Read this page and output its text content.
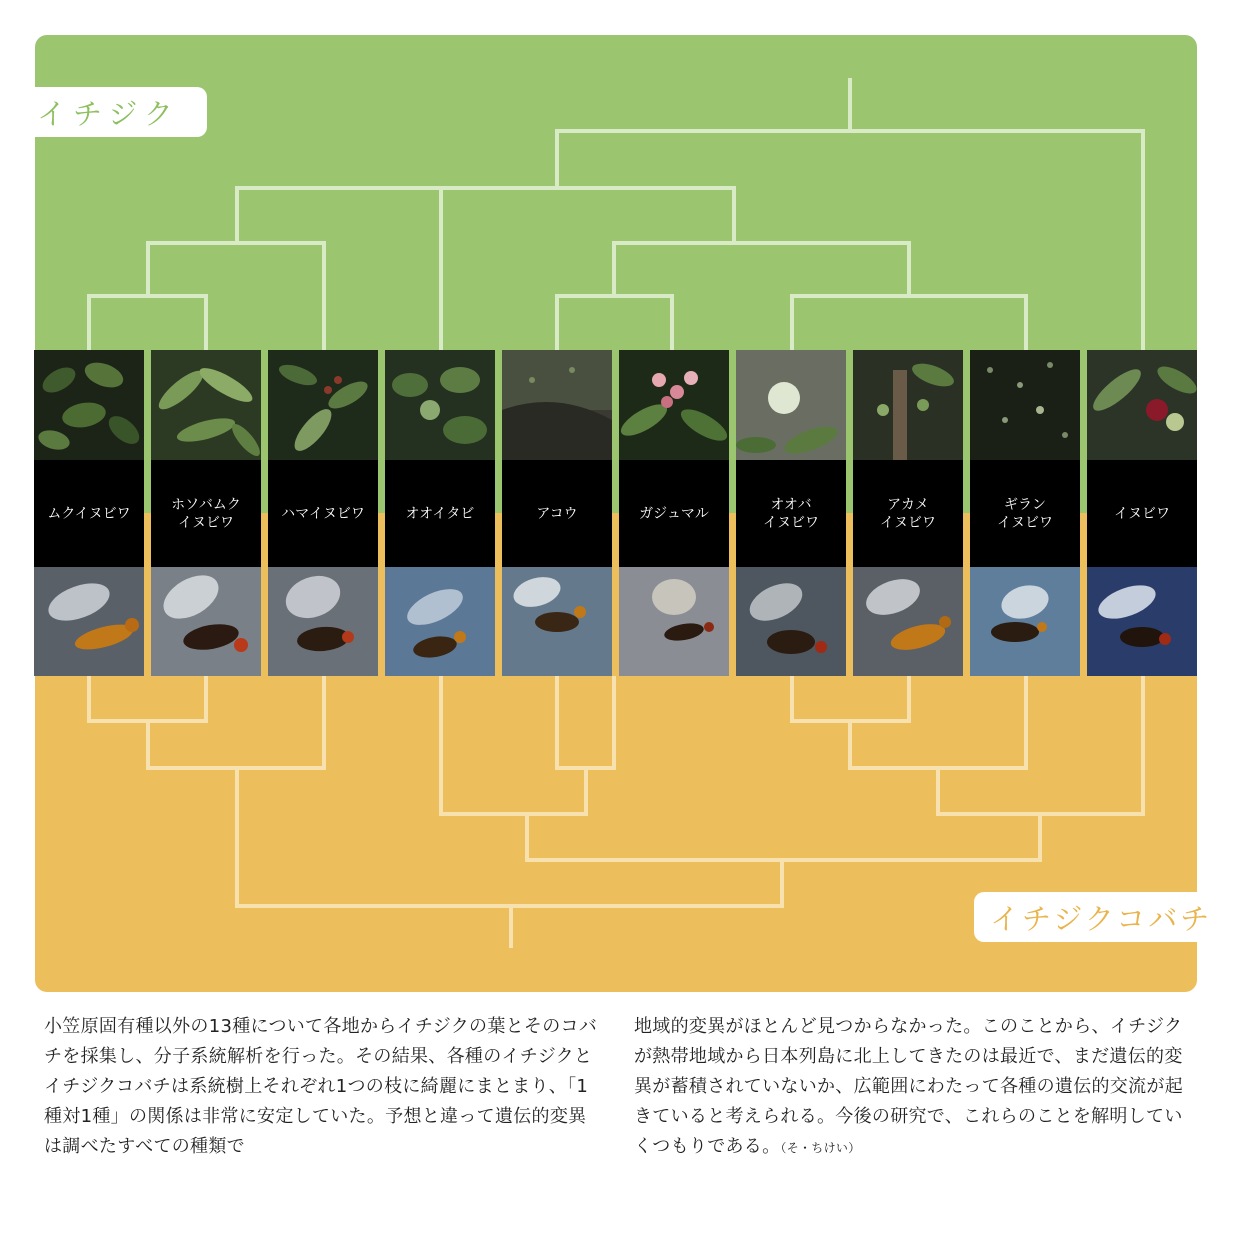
イチジク
イチジクコバチ
ムクイヌビワ
ホソバムク
イヌビワ
ハマイヌビワ	オオイタビ	アコウ	ガジュマル
オオバ
イヌビワ
アカメ
イヌビワ
ギラン
イヌビワ
イヌビワ

小笠原固有種以外の13種について各地からイチジクの葉とそのコバチを採集し、分子系統解析を行った。その結果、各種のイチジクとイチジクコバチは系統樹上それぞれ1つの枝に綺麗にまとまり、「1種対1種」の関係は非常に安定していた。予想と違って遺伝的変異は調べたすべての種類で

地域的変異がほとんど見つからなかった。このことから、イチジクが熱帯地域から日本列島に北上してきたのは最近で、まだ遺伝的変異が蓄積されていないか、広範囲にわたって各種の遺伝的交流が起きていると考えられる。今後の研究で、これらのことを解明していくつもりである。（そ・ちけい）
